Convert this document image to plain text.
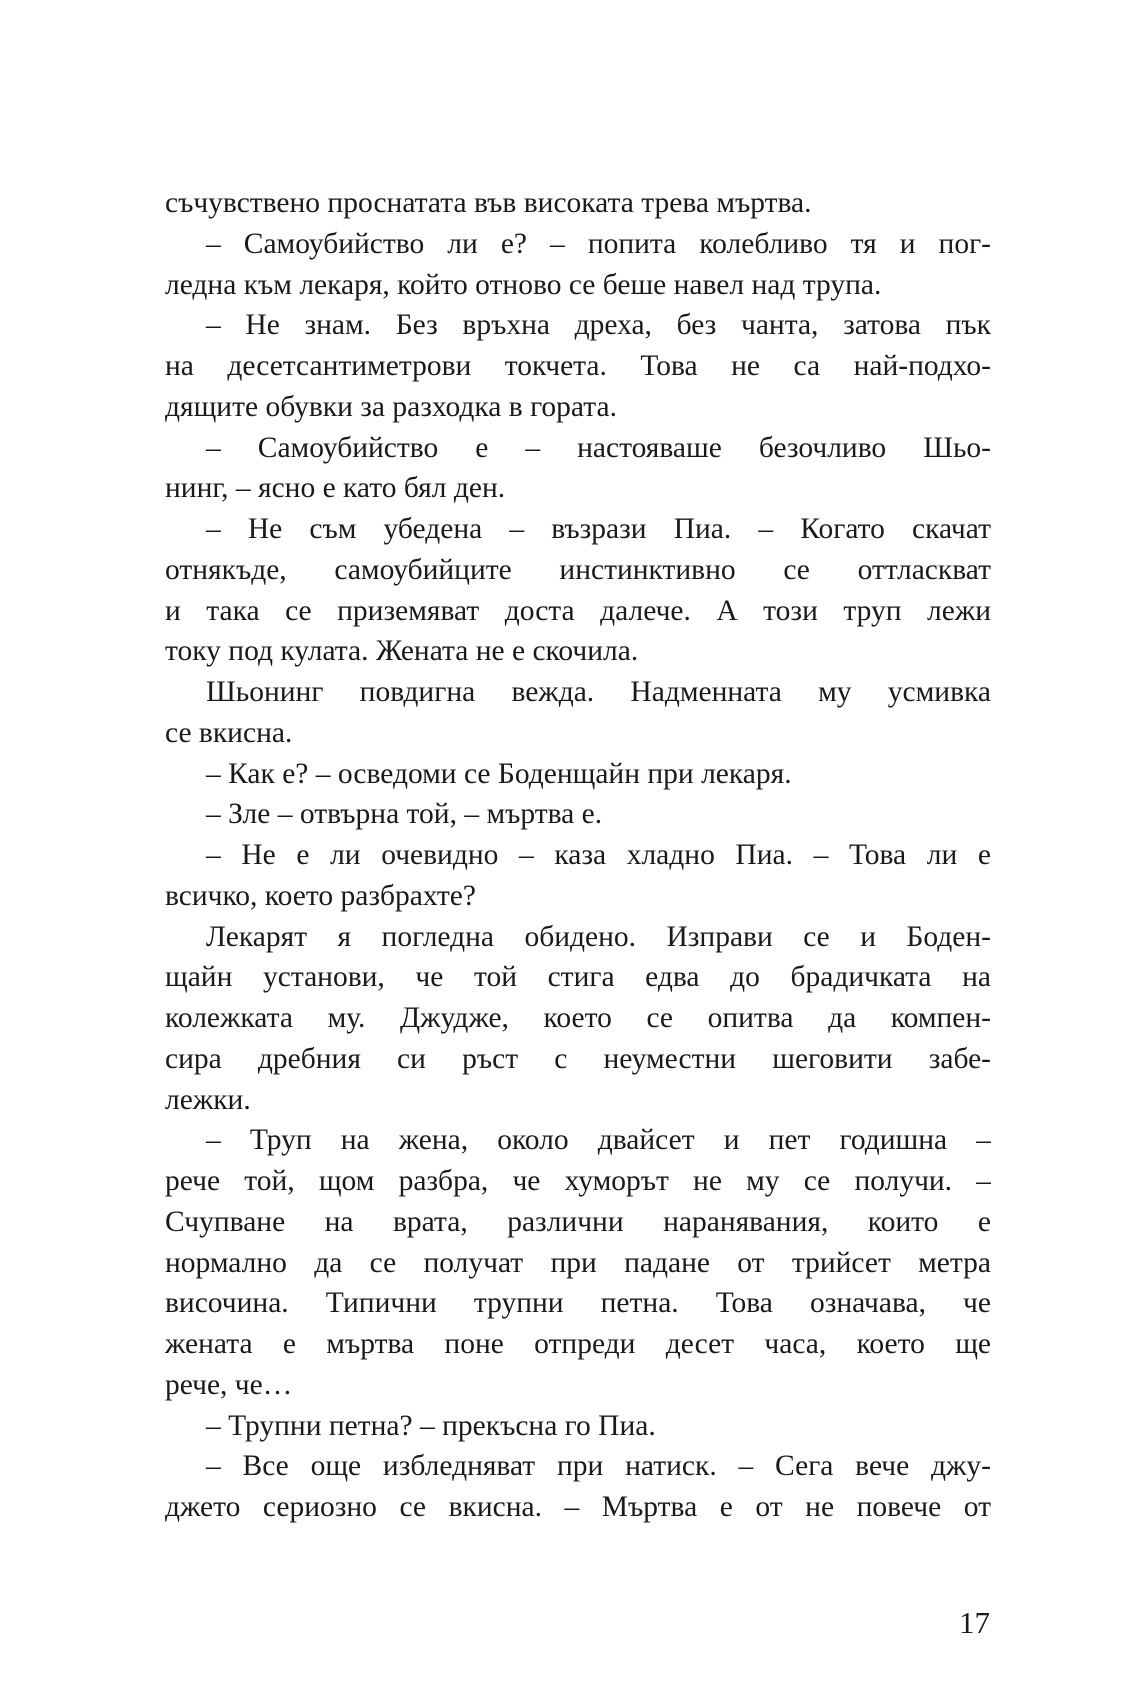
съчувствено проснатата във високата трева мъртва.
– Самоубийство ли е? – попита колебливо тя и пог-
ледна към лекаря, който отново се беше навел над трупа.
– Не знам. Без връхна дреха, без чанта, затова пък
на десетсантиметрови токчета. Това не са най-подхо-
дящите обувки за разходка в гората.
– Самоубийство е – настояваше безочливо Шьо-
нинг, – ясно е като бял ден.
– Не съм убедена – възрази Пиа. – Когато скачат
отнякъде, самоубийците инстинктивно се оттласкват
и така се приземяват доста далече. А този труп лежи
току под кулата. Жената не е скочила.
Шьонинг повдигна вежда. Надменната му усмивка
се вкисна.
– Как е? – осведоми се Боденщайн при лекаря.
– Зле – отвърна той, – мъртва е.
– Не е ли очевидно – каза хладно Пиа. – Това ли е
всичко, което разбрахте?
Лекарят я погледна обидено. Изправи се и Боден-
щайн установи, че той стига едва до брадичката на
колежката му. Джудже, което се опитва да компен-
сира дребния си ръст с неуместни шеговити забе-
лежки.
– Труп на жена, около двайсет и пет годишна –
рече той, щом разбра, че хуморът не му се получи. –
Счупване на врата, различни наранявания, които е
нормално да се получат при падане от трийсет метра
височина. Типични трупни петна. Това означава, че
жената е мъртва поне отпреди десет часа, което ще
рече, че…
– Трупни петна? – прекъсна го Пиа.
– Все още избледняват при натиск. – Сега вече джу-
джето сериозно се вкисна. – Мъртва е от не повече от
17
